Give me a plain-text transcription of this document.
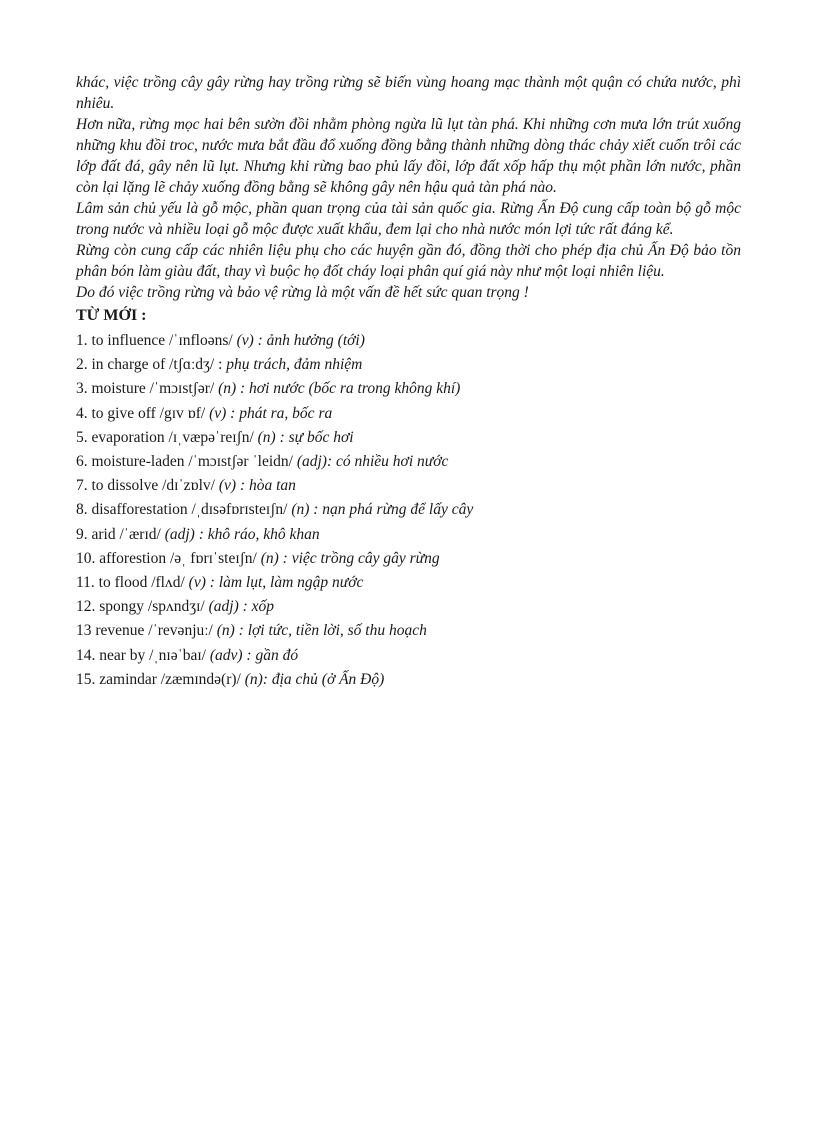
khác, việc trồng cây gây rừng hay trồng rừng sẽ biến vùng hoang mạc thành một quận có chứa nước, phì nhiêu.

Hơn nữa, rừng mọc hai bên sườn đồi nhằm phòng ngừa lũ lụt tàn phá. Khi những cơn mưa lớn trút xuống những khu đồi troc, nước mưa bắt đầu đổ xuống đồng bằng thành những dòng thác chảy xiết cuốn trôi các lớp đất đá, gây nên lũ lụt. Nhưng khi rừng bao phủ lấy đồi, lớp đất xốp hấp thụ một phần lớn nước, phần còn lại lặng lẽ chảy xuống đồng bằng sẽ không gây nên hậu quả tàn phá nào.

Lâm sản chủ yếu là gỗ mộc, phần quan trọng của tài sản quốc gia. Rừng Ấn Độ cung cấp toàn bộ gỗ mộc trong nước và nhiều loại gỗ mộc được xuất khẩu, đem lại cho nhà nước món lợi tức rất đáng kể.

Rừng còn cung cấp các nhiên liệu phụ cho các huyện gần đó, đồng thời cho phép địa chủ Ấn Độ bảo tồn phân bón làm giàu đất, thay vì buộc họ đốt cháy loại phân quí giá này như một loại nhiên liệu.

Do đó việc trồng rừng và bảo vệ rừng là một vấn đề hết sức quan trọng !

TỪ MỚI :
1. to influence /ˈɪnfloəns/ (v) : ảnh hưởng (tới)
2. in charge of /tʃɑːdʒ/ : phụ trách, đảm nhiệm
3. moisture /ˈmɔɪstʃər/ (n) : hơi nước (bốc ra trong không khí)
4. to give off /gɪv ɒf/ (v) : phát ra, bốc ra
5. evaporation /ɪˌvæpəˈreɪʃn/ (n) : sự bốc hơi
6. moisture-laden /ˈmɔɪstʃər ˈleidn/ (adj): có nhiều hơi nước
7. to dissolve /dɪˈzɒlv/ (v) : hòa tan
8. disafforestation /ˌdɪsəfɒrɪsteɪʃn/ (n) : nạn phá rừng để lấy cây
9. arid /ˈærɪd/ (adj) : khô ráo, khô khan
10. afforestion /əˌ fɒrɪˈsteɪʃn/ (n) : việc trồng cây gây rừng
11. to flood /flʌd/ (v) : làm lụt, làm ngập nước
12. spongy /spʌndʒɪ/ (adj) : xốp
13 revenue /ˈrevənjuː/ (n) : lợi tức, tiền lời, số thu hoạch
14. near by /ˌnɪəˈbaɪ/ (adv) : gần đó
15. zamindar /zæmɪndə(r)/ (n): địa chủ (ở Ấn Độ)
